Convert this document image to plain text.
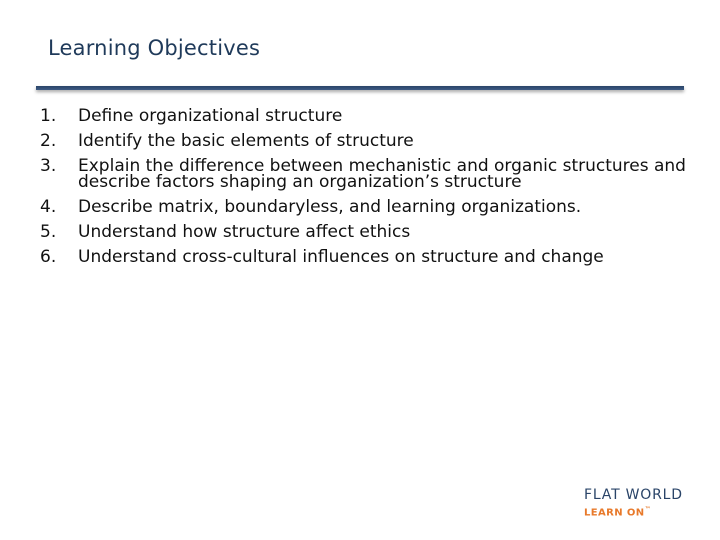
Learning Objectives
1.	Define organizational structure
2.	Identify the basic elements of structure
3.	Explain the difference between mechanistic and organic structures and describe factors shaping an organization’s structure
4.	Describe matrix, boundaryless, and learning organizations.
5.	Understand how structure affect ethics
6.	Understand cross-cultural influences on structure and change
FLAT WORLD
LEARN ON™
